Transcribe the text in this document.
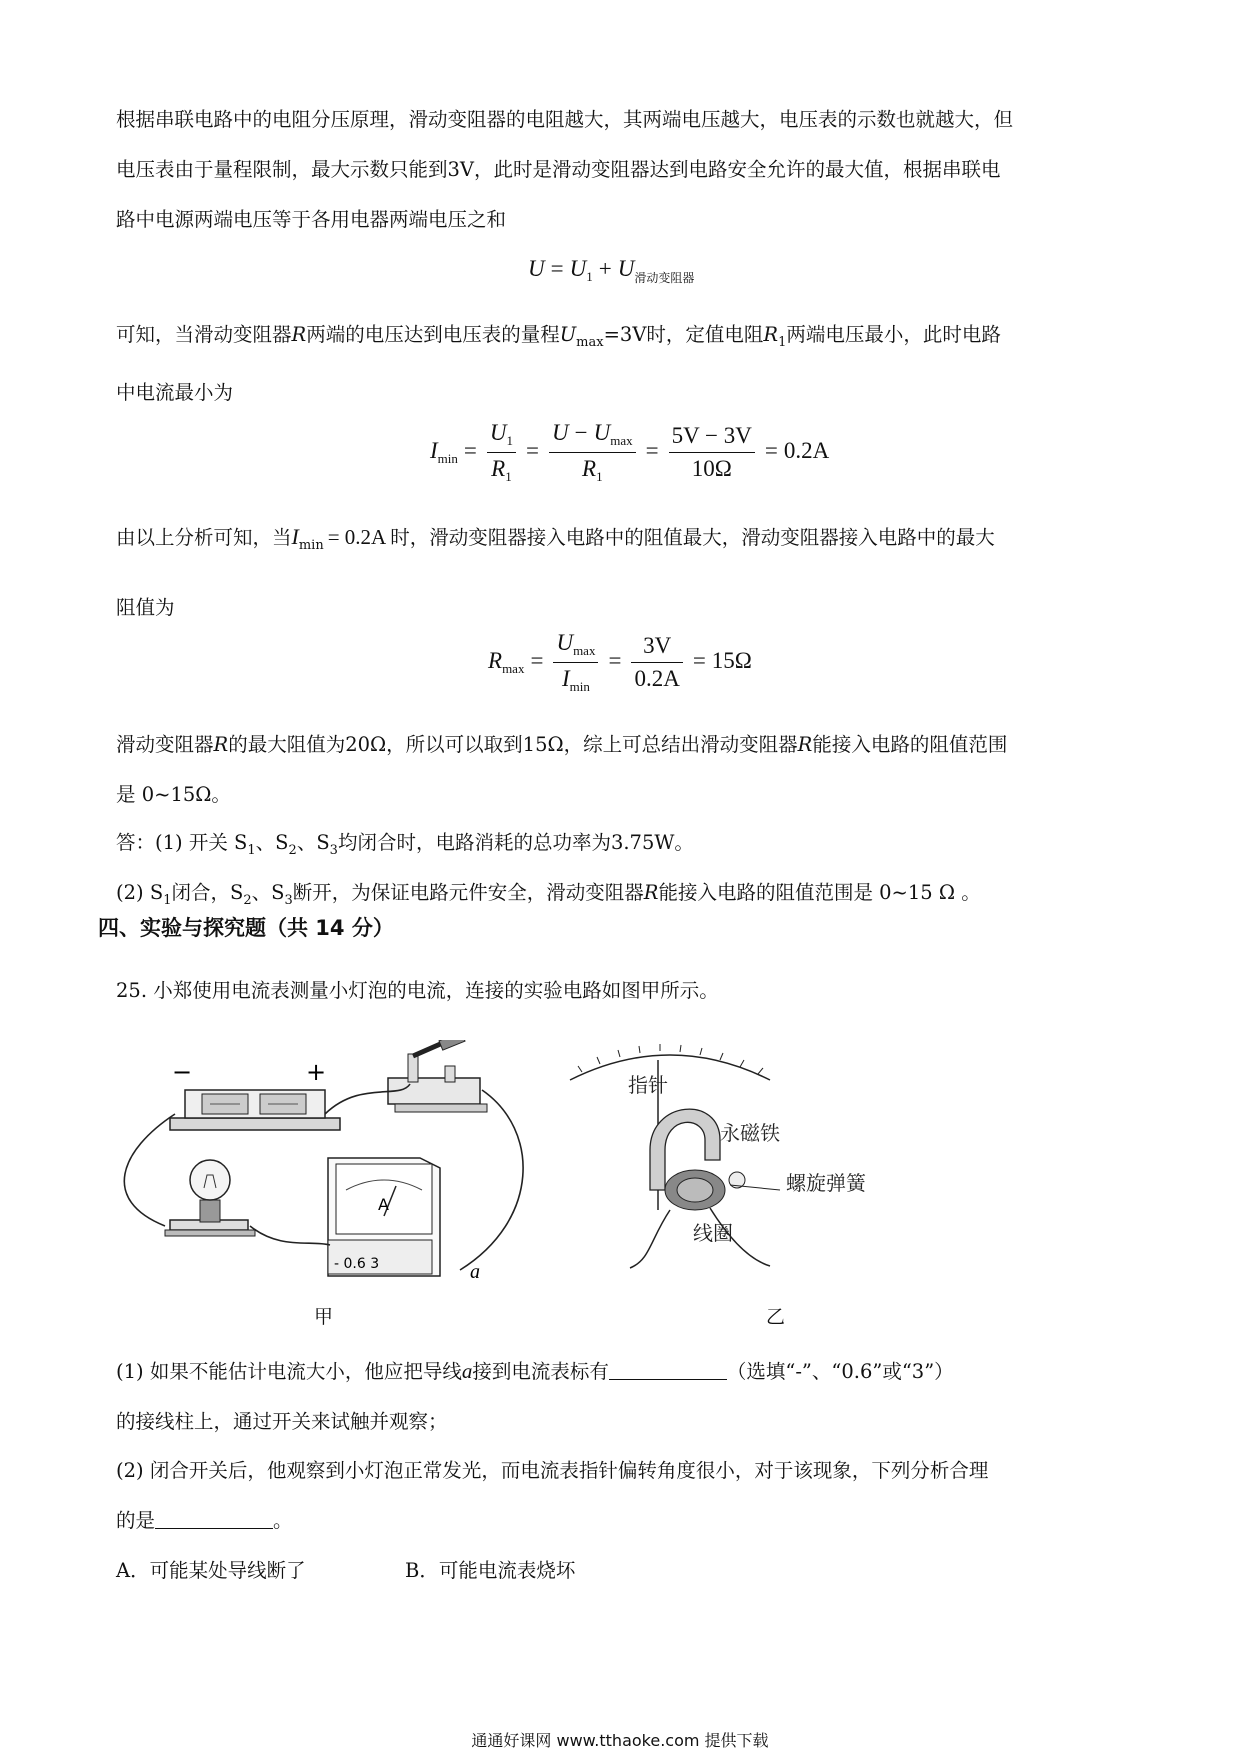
根据串联电路中的电阻分压原理，滑动变阻器的电阻越大，其两端电压越大，电压表的示数也就越大，但
电压表由于量程限制，最大示数只能到3V，此时是滑动变阻器达到电路安全允许的最大值，根据串联电
路中电源两端电压等于各用电器两端电压之和
$U = U_1 + U_{滑动变阻器}$
可知，当滑动变阻器R两端的电压达到电压表的量程$U_{max}=3V$时，定值电阻$R_1$两端电压最小，此时电路
中电流最小为
$I_{min} = \frac{U_1}{R_1} = \frac{U - U_{max}}{R_1} = \frac{5V - 3V}{10\Omega} = 0.2A$
由以上分析可知，当$I_{min} = 0.2A$ 时，滑动变阻器接入电路中的阻值最大，滑动变阻器接入电路中的最大
阻值为
$R_{max} = \frac{U_{max}}{I_{min}} = \frac{3V}{0.2A} = 15\Omega$
滑动变阻器R的最大阻值为20Ω，所以可以取到15Ω，综上可总结出滑动变阻器R能接入电路的阻值范围
是 0~15Ω。
答：(1) 开关 $S_1$、$S_2$、$S_3$均闭合时，电路消耗的总功率为3.75W。
(2) $S_1$闭合，$S_2$、$S_3$断开，为保证电路元件安全，滑动变阻器R能接入电路的阻值范围是 0~15 Ω 。
四、实验与探究题（共 14 分）
25. 小郑使用电流表测量小灯泡的电流，连接的实验电路如图甲所示。
−	+
A
- 0.6 3	a
指针
永磁铁
螺旋弹簧
线圈
甲	乙
(1) 如果不能估计电流大小，他应把导线a接到电流表标有	（选填“-”、“0.6”或“3”）
的接线柱上，通过开关来试触并观察；
(2) 闭合开关后，他观察到小灯泡正常发光，而电流表指针偏转角度很小，对于该现象，下列分析合理
的是	。
A．可能某处导线断了	B．可能电流表烧坏
通通好课网 www.tthaoke.com 提供下载
